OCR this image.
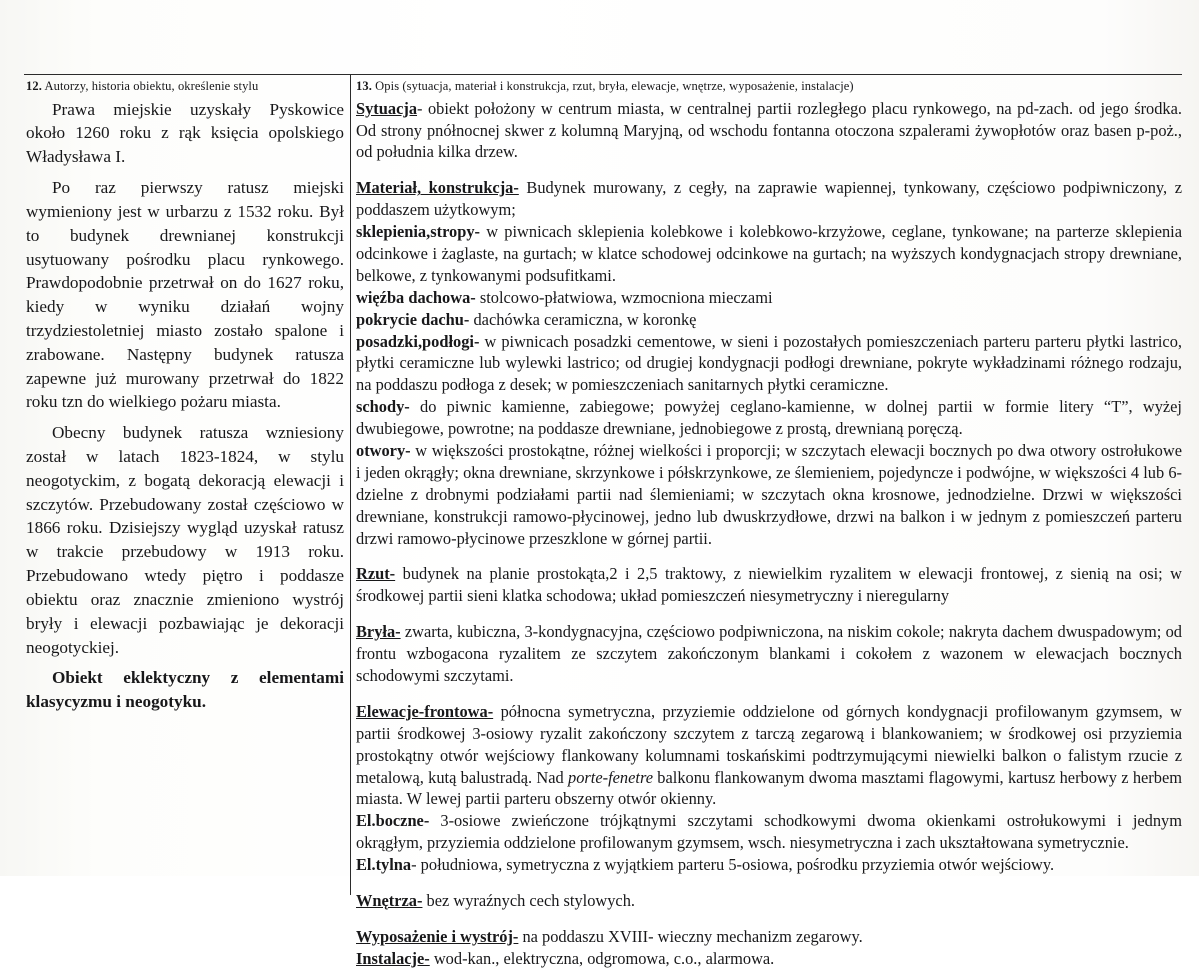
12. Autorzy, historia obiektu, określenie stylu

Prawa miejskie uzyskały Pyskowice około 1260 roku z rąk księcia opolskiego Władysława I.

Po raz pierwszy ratusz miejski wymieniony jest w urbarzu z 1532 roku. Był to budynek drewnianej konstrukcji usytuowany pośrodku placu rynkowego. Prawdopodobnie przetrwał on do 1627 roku, kiedy w wyniku działań wojny trzydziestoletniej miasto zostało spalone i zrabowane. Następny budynek ratusza zapewne już murowany przetrwał do 1822 roku tzn do wielkiego pożaru miasta.

Obecny budynek ratusza wzniesiony został w latach 1823-1824, w stylu neogotyckim, z bogatą dekoracją elewacji i szczytów. Przebudowany został częściowo w 1866 roku. Dzisiejszy wygląd uzyskał ratusz w trakcie przebudowy w 1913 roku. Przebudowano wtedy piętro i poddasze obiektu oraz znacznie zmieniono wystrój bryły i elewacji pozbawiając je dekoracji neogotyckiej.

Obiekt eklektyczny z elementami klasycyzmu i neogotyku.

13. Opis (sytuacja, materiał i konstrukcja, rzut, bryła, elewacje, wnętrze, wyposażenie, instalacje)

Sytuacja- obiekt położony w centrum miasta, w centralnej partii rozległego placu rynkowego, na pd-zach. od jego środka. Od strony pnółnocnej skwer z kolumną Maryjną, od wschodu fontanna otoczona szpalerami żywopłotów oraz basen p-poż., od południa kilka drzew.

Materiał, konstrukcja- Budynek murowany, z cegły, na zaprawie wapiennej, tynkowany, częściowo podpiwniczony, z poddaszem użytkowym;

sklepienia,stropy- w piwnicach sklepienia kolebkowe i kolebkowo-krzyżowe, ceglane, tynkowane; na parterze sklepienia odcinkowe i żaglaste, na gurtach; w klatce schodowej odcinkowe na gurtach; na wyższych kondygnacjach stropy drewniane, belkowe, z tynkowanymi podsufitkami.

więźba dachowa- stolcowo-płatwiowa, wzmocniona mieczami

pokrycie dachu- dachówka ceramiczna, w koronkę

posadzki,podłogi- w piwnicach posadzki cementowe, w sieni i pozostałych pomieszczeniach parteru parteru płytki lastrico, płytki ceramiczne lub wylewki lastrico; od drugiej kondygnacji podłogi drewniane, pokryte wykładzinami różnego rodzaju, na poddaszu podłoga z desek; w pomieszczeniach sanitarnych płytki ceramiczne.

schody- do piwnic kamienne, zabiegowe; powyżej ceglano-kamienne, w dolnej partii w formie litery “T”, wyżej dwubiegowe, powrotne; na poddasze drewniane, jednobiegowe z prostą, drewnianą poręczą.

otwory- w większości prostokątne, różnej wielkości i proporcji; w szczytach elewacji bocznych po dwa otwory ostrołukowe i jeden okrągły; okna drewniane, skrzynkowe i półskrzynkowe, ze ślemieniem, pojedyncze i podwójne, w większości 4 lub 6-dzielne z drobnymi podziałami partii nad ślemieniami; w szczytach okna krosnowe, jednodzielne. Drzwi w większości drewniane, konstrukcji ramowo-płycinowej, jedno lub dwuskrzydłowe, drzwi na balkon i w jednym z pomieszczeń parteru drzwi ramowo-płycinowe przeszklone w górnej partii.

Rzut- budynek na planie prostokąta,2 i 2,5 traktowy, z niewielkim ryzalitem w elewacji frontowej, z sienią na osi; w środkowej partii sieni klatka schodowa; układ pomieszczeń niesymetryczny i nieregularny

Bryła- zwarta, kubiczna, 3-kondygnacyjna, częściowo podpiwniczona, na niskim cokole; nakryta dachem dwuspadowym; od frontu wzbogacona ryzalitem ze szczytem zakończonym blankami i cokołem z wazonem w elewacjach bocznych schodowymi szczytami.

Elewacje-frontowa- północna symetryczna, przyziemie oddzielone od górnych kondygnacji profilowanym gzymsem, w partii środkowej 3-osiowy ryzalit zakończony szczytem z tarczą zegarową i blankowaniem; w środkowej osi przyziemia prostokątny otwór wejściowy flankowany kolumnami toskańskimi podtrzymującymi niewielki balkon o falistym rzucie z metalową, kutą balustradą. Nad porte-fenetre balkonu flankowanym dwoma masztami flagowymi, kartusz herbowy z herbem miasta. W lewej partii parteru obszerny otwór okienny.

El.boczne- 3-osiowe zwieńczone trójkątnymi szczytami schodkowymi dwoma okienkami ostrołukowymi i jednym okrągłym, przyziemia oddzielone profilowanym gzymsem, wsch. niesymetryczna i zach ukształtowana symetrycznie.

El.tylna- południowa, symetryczna z wyjątkiem parteru 5-osiowa, pośrodku przyziemia otwór wejściowy.

Wnętrza- bez wyraźnych cech stylowych.

Wyposażenie i wystrój- na poddaszu XVIII- wieczny mechanizm zegarowy.

Instalacje- wod-kan., elektryczna, odgromowa, c.o., alarmowa.
